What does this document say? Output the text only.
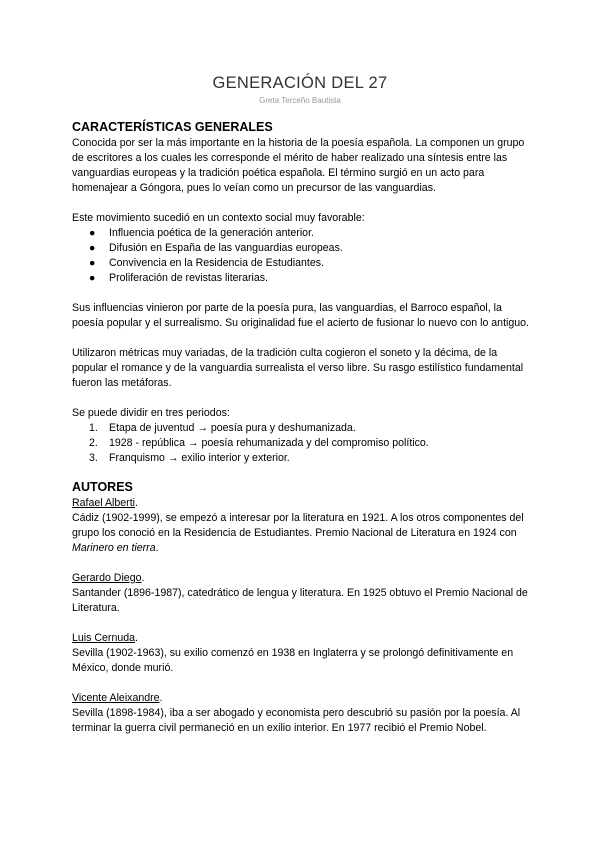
GENERACIÓN DEL 27

Greta Terceño Bautista

CARACTERÍSTICAS GENERALES

Conocida por ser la más importante en la historia de la poesía española. La componen un grupo de escritores a los cuales les corresponde el mérito de haber realizado una síntesis entre las vanguardias europeas y la tradición poética española. El término surgió en un acto para homenajear a Góngora, pues lo veían como un precursor de las vanguardias.

Este movimiento sucedió en un contexto social muy favorable:

● Influencia poética de la generación anterior.
● Difusión en España de las vanguardias europeas.
● Convivencia en la Residencia de Estudiantes.
● Proliferación de revistas literarias.

Sus influencias vinieron por parte de la poesía pura, las vanguardias, el Barroco español, la poesía popular y el surrealismo. Su originalidad fue el acierto de fusionar lo nuevo con lo antiguo.

Utilizaron métricas muy variadas, de la tradición culta cogieron el soneto y la décima, de la popular el romance y de la vanguardia surrealista el verso libre. Su rasgo estilístico fundamental fueron las metáforas.

Se puede dividir en tres periodos:

1. Etapa de juventud → poesía pura y deshumanizada.
2. 1928 - república → poesía rehumanizada y del compromiso político.
3. Franquismo → exilio interior y exterior.
AUTORES

Rafael Alberti.

Cádiz (1902-1999), se empezó a interesar por la literatura en 1921. A los otros componentes del grupo los conoció en la Residencia de Estudiantes. Premio Nacional de Literatura en 1924 con Marinero en tierra.

Gerardo Diego.

Santander (1896-1987), catedrático de lengua y literatura. En 1925 obtuvo el Premio Nacional de Literatura.

Luis Cernuda.

Sevilla (1902-1963), su exilio comenzó en 1938 en Inglaterra y se prolongó definitivamente en México, donde murió.

Vicente Aleixandre.

Sevilla (1898-1984), iba a ser abogado y economista pero descubrió su pasión por la poesía. Al terminar la guerra civil permaneció en un exilio interior. En 1977 recibió el Premio Nobel.
